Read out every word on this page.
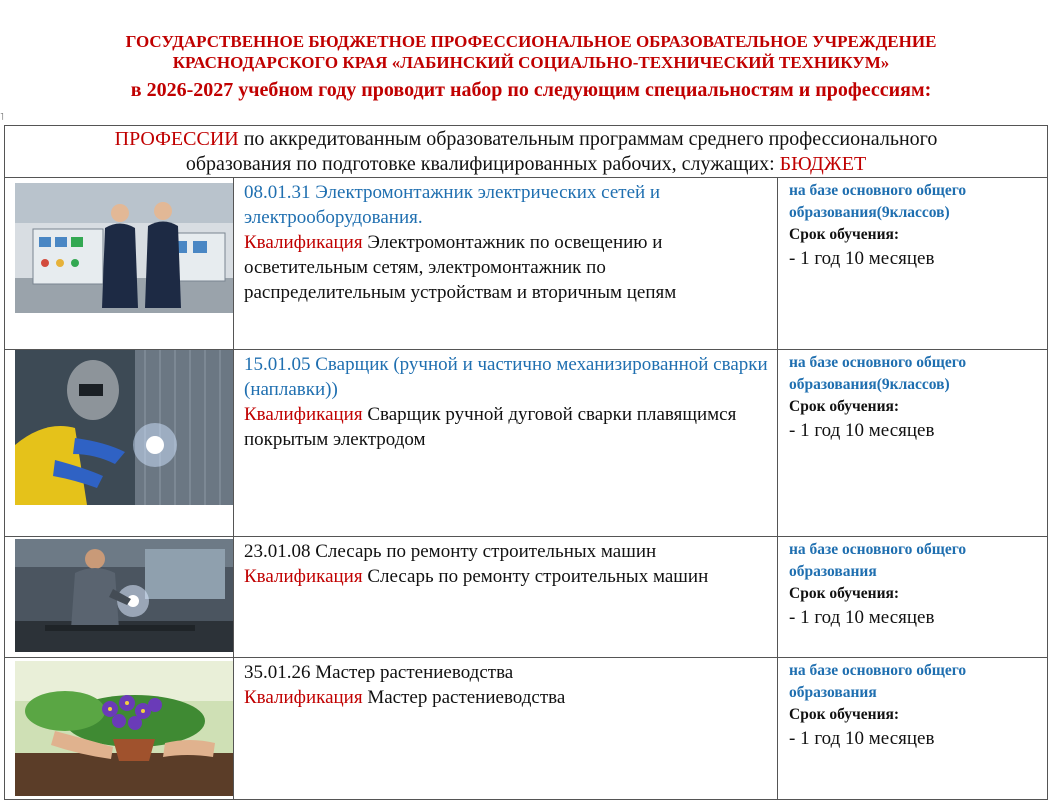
ГОСУДАРСТВЕННОЕ БЮДЖЕТНОЕ ПРОФЕССИОНАЛЬНОЕ ОБРАЗОВАТЕЛЬНОЕ УЧРЕЖДЕНИЕ
КРАСНОДАРСКОГО КРАЯ «ЛАБИНСКИЙ СОЦИАЛЬНО-ТЕХНИЧЕСКИЙ ТЕХНИКУМ»
в 2026-2027 учебном году проводит набор по следующим специальностям и профессиям:
˥
ПРОФЕССИИ по аккредитованным образовательным программам среднего профессионального
образования по подготовке квалифицированных рабочих, служащих: БЮДЖЕТ
08.01.31 Электромонтажник электрических сетей и электрооборудования.
Квалификация Электромонтажник по освещению и осветительным сетям, электромонтажник по распределительным устройствам и вторичным цепям
на базе основного общего образования(9классов)
Срок обучения:
- 1 год 10 месяцев
15.01.05 Сварщик (ручной и частично механизированной сварки (наплавки))
Квалификация Сварщик ручной дуговой сварки плавящимся покрытым электродом
на базе основного общего образования(9классов)
Срок обучения:
- 1 год 10 месяцев
23.01.08 Слесарь по ремонту строительных машин
Квалификация Слесарь по ремонту строительных машин
на базе основного общего образования
Срок обучения:
- 1 год 10 месяцев
35.01.26 Мастер растениеводства
Квалификация Мастер растениеводства
на базе основного общего образования
Срок обучения:
- 1 год 10 месяцев
